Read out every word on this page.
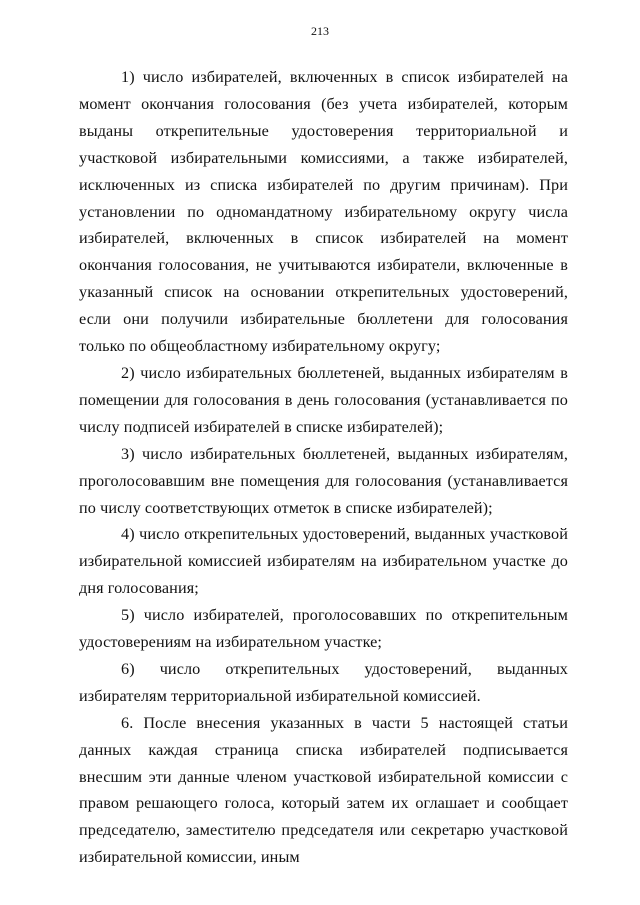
213

1) число избирателей, включенных в список избирателей на момент окончания голосования (без учета избирателей, которым выданы открепительные удостоверения территориальной и участковой избирательными комиссиями, а также избирателей, исключенных из списка избирателей по другим причинам). При установлении по одномандатному избирательному округу числа избирателей, включенных в список избирателей на момент окончания голосования, не учитываются избиратели, включенные в указанный список на основании открепительных удостоверений, если они получили избирательные бюллетени для голосования только по общеобластному избирательному округу;

2) число избирательных бюллетеней, выданных избирателям в помещении для голосования в день голосования (устанавливается по числу подписей избирателей в списке избирателей);

3) число избирательных бюллетеней, выданных избирателям, проголосовавшим вне помещения для голосования (устанавливается по числу соответствующих отметок в списке избирателей);

4) число открепительных удостоверений, выданных участковой избирательной комиссией избирателям на избирательном участке до дня голосования;

5) число избирателей, проголосовавших по открепительным удостоверениям на избирательном участке;

6) число открепительных удостоверений, выданных избирателям территориальной избирательной комиссией.

6. После внесения указанных в части 5 настоящей статьи данных каждая страница списка избирателей подписывается внесшим эти данные членом участковой избирательной комиссии с правом решающего голоса, который затем их оглашает и сообщает председателю, заместителю председателя или секретарю участковой избирательной комиссии, иным
